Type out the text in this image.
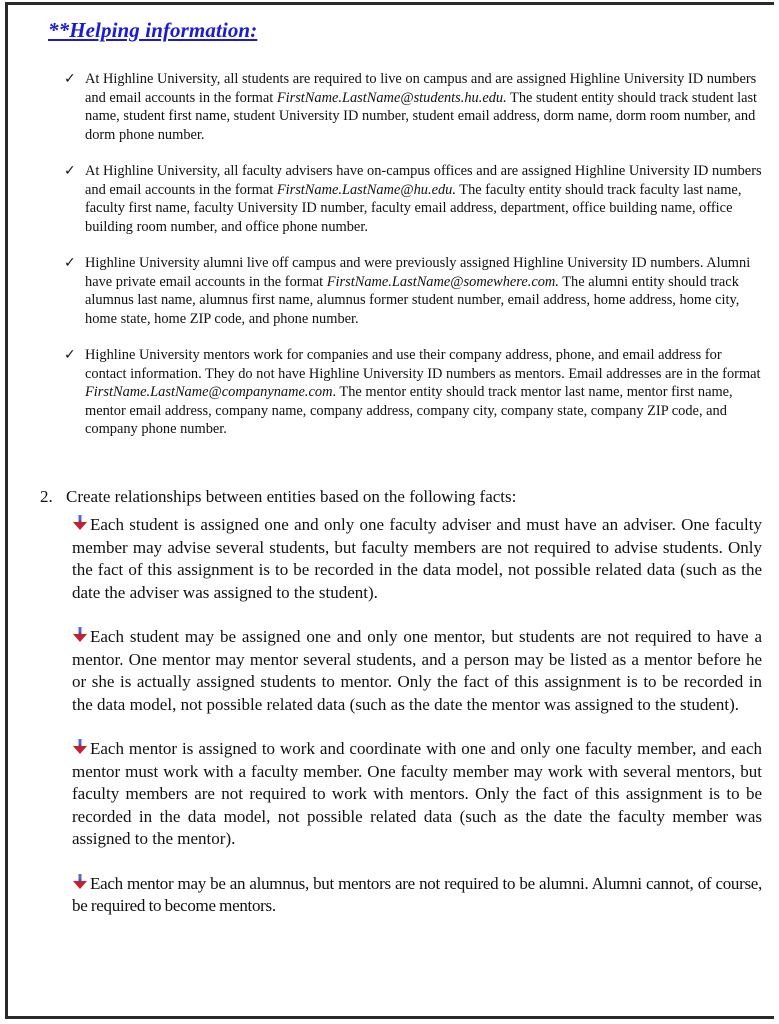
**Helping information:
✓ At Highline University, all students are required to live on campus and are assigned Highline University ID numbers and email accounts in the format FirstName.LastName@students.hu.edu. The student entity should track student last name, student first name, student University ID number, student email address, dorm name, dorm room number, and dorm phone number.
✓ At Highline University, all faculty advisers have on-campus offices and are assigned Highline University ID numbers and email accounts in the format FirstName.LastName@hu.edu. The faculty entity should track faculty last name, faculty first name, faculty University ID number, faculty email address, department, office building name, office building room number, and office phone number.
✓ Highline University alumni live off campus and were previously assigned Highline University ID numbers. Alumni have private email accounts in the format FirstName.LastName@somewhere.com. The alumni entity should track alumnus last name, alumnus first name, alumnus former student number, email address, home address, home city, home state, home ZIP code, and phone number.
✓ Highline University mentors work for companies and use their company address, phone, and email address for contact information. They do not have Highline University ID numbers as mentors. Email addresses are in the format FirstName.LastName@companyname.com. The mentor entity should track mentor last name, mentor first name, mentor email address, company name, company address, company city, company state, company ZIP code, and company phone number.

2. Create relationships between entities based on the following facts:

Each student is assigned one and only one faculty adviser and must have an adviser. One faculty member may advise several students, but faculty members are not required to advise students. Only the fact of this assignment is to be recorded in the data model, not possible related data (such as the date the adviser was assigned to the student).

Each student may be assigned one and only one mentor, but students are not required to have a mentor. One mentor may mentor several students, and a person may be listed as a mentor before he or she is actually assigned students to mentor. Only the fact of this assignment is to be recorded in the data model, not possible related data (such as the date the mentor was assigned to the student).

Each mentor is assigned to work and coordinate with one and only one faculty member, and each mentor must work with a faculty member. One faculty member may work with several mentors, but faculty members are not required to work with mentors. Only the fact of this assignment is to be recorded in the data model, not possible related data (such as the date the faculty member was assigned to the mentor).

Each mentor may be an alumnus, but mentors are not required to be alumni. Alumni cannot, of course, be required to become mentors.
